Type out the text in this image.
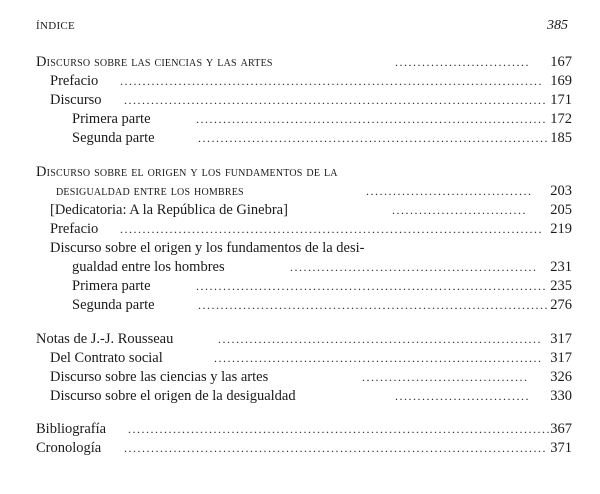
ÍNDICE	385
Discurso sobre las ciencias y las artes	.............................. 167
Prefacio .............................................................................................. 169
Discurso .............................................................................................. 171
Primera parte	.............................................................................. 172
Segunda parte	.............................................................................. 185
Discurso sobre el origen y los fundamentos de la
desigualdad entre los hombres	..................................... 203
[Dedicatoria: A la República de Ginebra]	.............................. 205
Prefacio .............................................................................................. 219
Discurso sobre el origen y los fundamentos de la desi-
gualdad entre los hombres	....................................................... 231
Primera parte	.............................................................................. 235
Segunda parte	.............................................................................. 276
Notas de J.-J. Rousseau	........................................................................ 317
Del Contrato social	......................................................................... 317
Discurso sobre las ciencias y las artes	..................................... 326
Discurso sobre el origen de la desigualdad	.............................. 330
Bibliografía .............................................................................................. 367
Cronología .............................................................................................. 371
